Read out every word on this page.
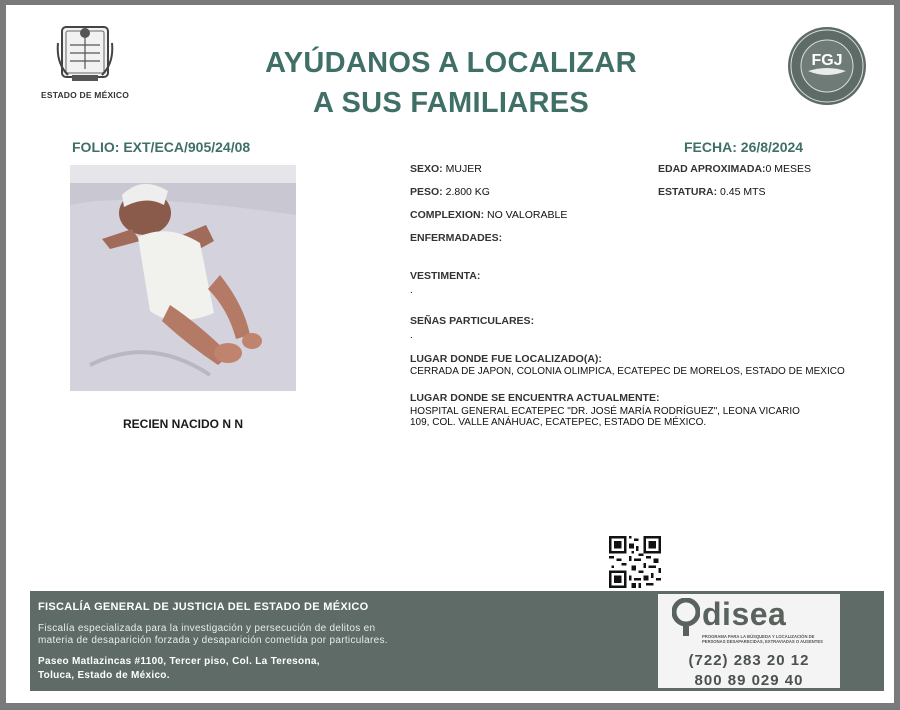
ESTADO DE MÉXICO
AYÚDANOS A LOCALIZAR
A SUS FAMILIARES
FGJ
FOLIO: EXT/ECA/905/24/08	FECHA: 26/8/2024
RECIEN NACIDO N N
SEXO: MUJER
PESO: 2.800 KG
COMPLEXION: NO VALORABLE
ENFERMADADES:
EDAD APROXIMADA:0 MESES
ESTATURA: 0.45 MTS
VESTIMENTA:
.
SEÑAS PARTICULARES:
.
LUGAR DONDE FUE LOCALIZADO(A):
CERRADA DE JAPON, COLONIA OLIMPICA, ECATEPEC DE MORELOS, ESTADO DE MEXICO
LUGAR DONDE SE ENCUENTRA ACTUALMENTE:
HOSPITAL GENERAL ECATEPEC "DR. JOSÉ MARÍA RODRÍGUEZ", LEONA VICARIO
109, COL. VALLE ANÁHUAC, ECATEPEC, ESTADO DE MÉXICO.
FISCALÍA GENERAL DE JUSTICIA DEL ESTADO DE MÉXICO
Fiscalía especializada para la investigación y persecución de delitos en
materia de desaparición forzada y desaparición cometida por particulares.
Paseo Matlazincas #1100, Tercer piso, Col. La Teresona,
Toluca, Estado de México.
disea
PROGRAMA PARA LA BÚSQUEDA Y LOCALIZACIÓN DE PERSONAS DESAPARECIDAS, EXTRAVIADAS O AUSENTES
(722) 283 20 12
800 89 029 40
